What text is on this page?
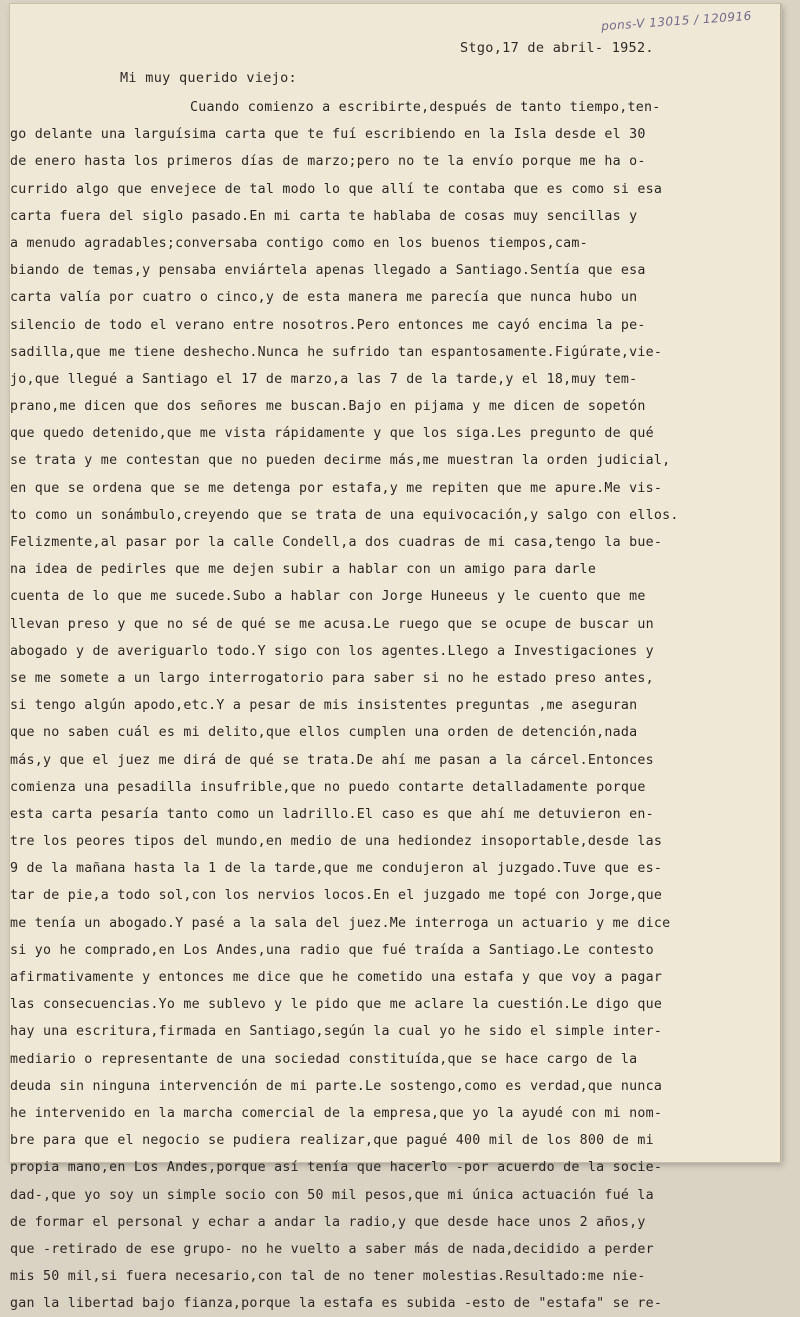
pons-V 13015 / 120916
Stgo,17 de abril- 1952.
Mi muy querido viejo:
Cuando comienzo a escribirte,después de tanto tiempo,ten-
go delante una larguísima carta que te fuí escribiendo en la Isla desde el 30
de enero hasta los primeros días de marzo;pero no te la envío porque me ha o-
currido algo que envejece de tal modo lo que allí te contaba que es como si esa
carta fuera del siglo pasado.En mi carta te hablaba de cosas muy sencillas y
a menudo agradables;conversaba contigo como en los buenos tiempos,cam-
biando de temas,y pensaba enviártela apenas llegado a Santiago.Sentía que esa
carta valía por cuatro o cinco,y de esta manera me parecía que nunca hubo un
silencio de todo el verano entre nosotros.Pero entonces me cayó encima la pe-
sadilla,que me tiene deshecho.Nunca he sufrido tan espantosamente.Figúrate,vie-
jo,que llegué a Santiago el 17 de marzo,a las 7 de la tarde,y el 18,muy tem-
prano,me dicen que dos señores me buscan.Bajo en pijama y me dicen de sopetón
que quedo detenido,que me vista rápidamente y que los siga.Les pregunto de qué
se trata y me contestan que no pueden decirme más,me muestran la orden judicial,
en que se ordena que se me detenga por estafa,y me repiten que me apure.Me vis-
to como un sonámbulo,creyendo que se trata de una equivocación,y salgo con ellos.
Felizmente,al pasar por la calle Condell,a dos cuadras de mi casa,tengo la bue-
na idea de pedirles que me dejen subir a hablar con un amigo para darle
cuenta de lo que me sucede.Subo a hablar con Jorge Huneeus y le cuento que me
llevan preso y que no sé de qué se me acusa.Le ruego que se ocupe de buscar un
abogado y de averiguarlo todo.Y sigo con los agentes.Llego a Investigaciones y
se me somete a un largo interrogatorio para saber si no he estado preso antes,
si tengo algún apodo,etc.Y a pesar de mis insistentes preguntas ,me aseguran
que no saben cuál es mi delito,que ellos cumplen una orden de detención,nada
más,y que el juez me dirá de qué se trata.De ahí me pasan a la cárcel.Entonces
comienza una pesadilla insufrible,que no puedo contarte detalladamente porque
esta carta pesaría tanto como un ladrillo.El caso es que ahí me detuvieron en-
tre los peores tipos del mundo,en medio de una hediondez insoportable,desde las
9 de la mañana hasta la 1 de la tarde,que me condujeron al juzgado.Tuve que es-
tar de pie,a todo sol,con los nervios locos.En el juzgado me topé con Jorge,que
me tenía un abogado.Y pasé a la sala del juez.Me interroga un actuario y me dice
si yo he comprado,en Los Andes,una radio que fué traída a Santiago.Le contesto
afirmativamente y entonces me dice que he cometido una estafa y que voy a pagar
las consecuencias.Yo me sublevo y le pido que me aclare la cuestión.Le digo que
hay una escritura,firmada en Santiago,según la cual yo he sido el simple inter-
mediario o representante de una sociedad constituída,que se hace cargo de la
deuda sin ninguna intervención de mi parte.Le sostengo,como es verdad,que nunca
he intervenido en la marcha comercial de la empresa,que yo la ayudé con mi nom-
bre para que el negocio se pudiera realizar,que pagué 400 mil de los 800 de mi
propia mano,en Los Andes,porque así tenía que hacerlo -por acuerdo de la socie-
dad-,que yo soy un simple socio con 50 mil pesos,que mi única actuación fué la
de formar el personal y echar a andar la radio,y que desde hace unos 2 años,y
que -retirado de ese grupo- no he vuelto a saber más de nada,decidido a perder
mis 50 mil,si fuera necesario,con tal de no tener molestias.Resultado:me nie-
gan la libertad bajo fianza,porque la estafa es subida -esto de "estafa" se re-
